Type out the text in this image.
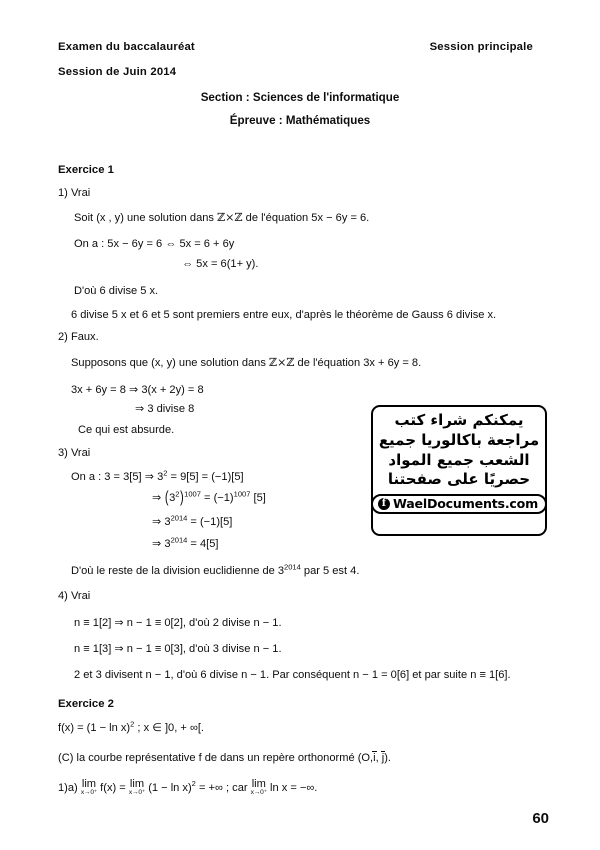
Examen du baccalauréat	Session principale
Session de Juin 2014
Section : Sciences de l'informatique
Épreuve : Mathématiques
Exercice 1
1) Vrai
Soit (x , y) une solution dans ℤ×ℤ de l'équation 5x − 6y = 6.
On a : 5x − 6y = 6 ⇔ 5x = 6 + 6y
⇔ 5x = 6(1+ y).
D'où 6 divise 5 x.
6 divise 5 x et 6 et 5 sont premiers entre eux, d'après le théorème de Gauss 6 divise x.
2) Faux.
Supposons que (x, y) une solution dans ℤ×ℤ de l'équation 3x + 6y = 8.
3x + 6y = 8 ⇒ 3(x + 2y) = 8
⇒ 3 divise 8
Ce qui est absurde.
3) Vrai
On a : 3 = 3[5] ⇒ $3^2 = 9[5] = (-1)[5]$
⇒ $(3^2)^{1007} = (-1)^{1007}$ [5]
⇒ $3^{2014} = (-1)[5]$
⇒ $3^{2014} = 4[5]$
D'où le reste de la division euclidienne de $3^{2014}$ par 5 est 4.
4) Vrai
n ≡ 1[2] ⇒ n − 1 ≡ 0[2], d'où 2 divise n − 1.
n ≡ 1[3] ⇒ n − 1 ≡ 0[3], d'où 3 divise n − 1.
2 et 3 divisent n − 1, d'où 6 divise n − 1. Par conséquent n − 1 = 0[6] et par suite n ≡ 1[6].
Exercice 2
$f(x) = (1 - \ln x)^2$ ; x ∈ ]0, + ∞[.
(C) la courbe représentative f de dans un repère orthonormé (O,i, j).
1)a) lim
x→0⁺ f(x) = lim
x→0⁺ $(1 - \ln x)^2$ = +∞ ; car lim
x→0⁺ ln x = −∞.
يمكنكم شراء كتب
مراجعة باكالوريا جميع
الشعب جميع المواد
حصريًا على صفحتنا
f WaelDocuments.com
60
